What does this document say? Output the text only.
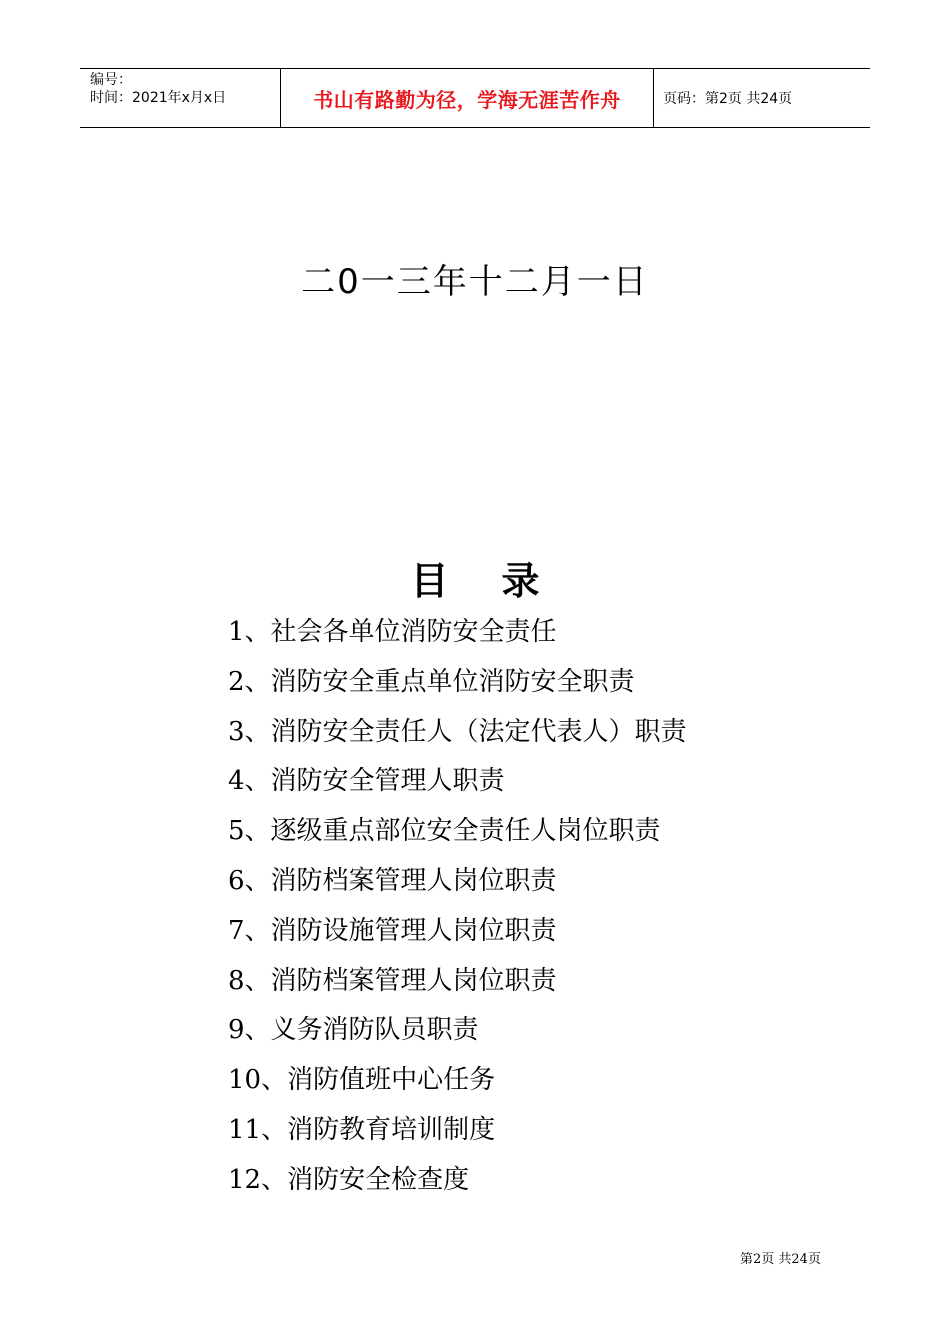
编号：
时间：2021年x月x日	书山有路勤为径，学海无涯苦作舟	页码：第2页 共24页
二0一三年十二月一日
目    录
1、社会各单位消防安全责任
2、消防安全重点单位消防安全职责
3、消防安全责任人（法定代表人）职责
4、消防安全管理人职责
5、逐级重点部位安全责任人岗位职责
6、消防档案管理人岗位职责
7、消防设施管理人岗位职责
8、消防档案管理人岗位职责
9、义务消防队员职责
10、消防值班中心任务
11、消防教育培训制度
12、消防安全检查度
第2页 共24页
